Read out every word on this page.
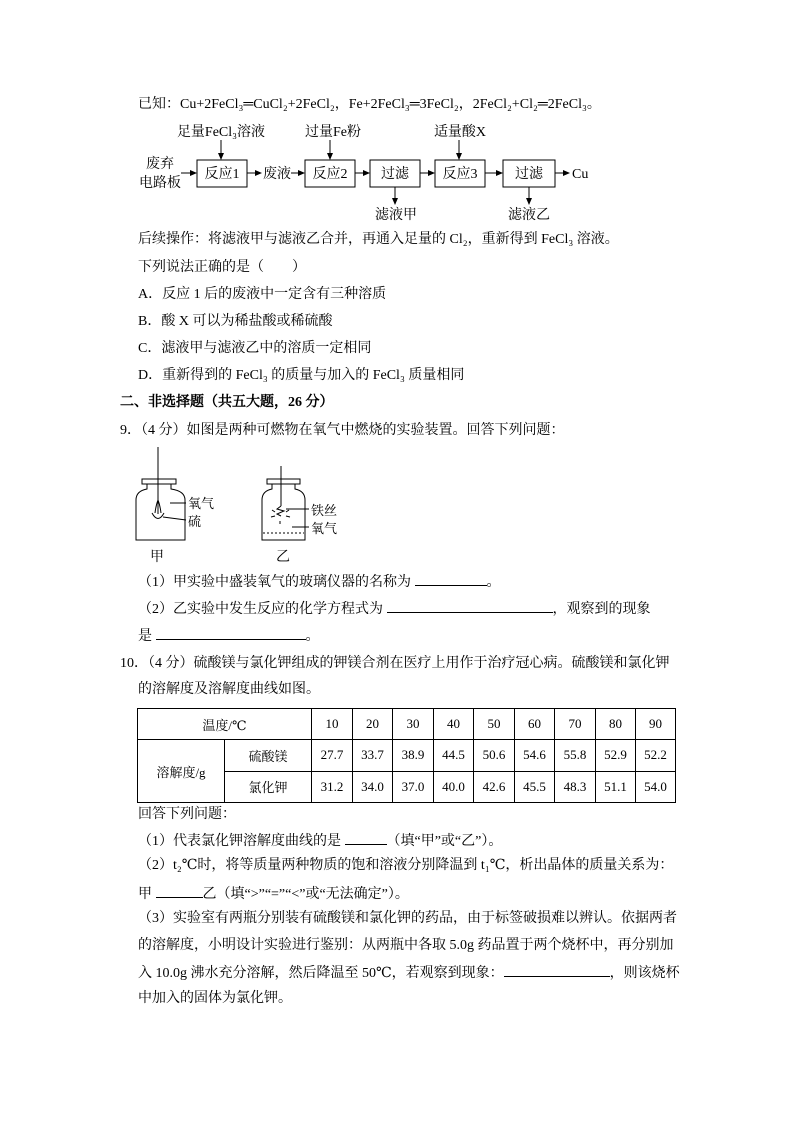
已知：Cu+2FeCl₃═CuCl₂+2FeCl₂，Fe+2FeCl₃═3FeCl₂，2FeCl₂+Cl₂═2FeCl₃。
足量FeCl₃溶液	过量Fe粉	适量酸X
废弃
电路板
反应1 废液 反应2 过滤
滤液甲
反应3	过滤
滤液乙
Cu
后续操作：将滤液甲与滤液乙合并，再通入足量的 Cl₂，重新得到 FeCl₃ 溶液。
下列说法正确的是（　　）
A．反应 1 后的废液中一定含有三种溶质
B．酸 X 可以为稀盐酸或稀硫酸
C．滤液甲与滤液乙中的溶质一定相同
D．重新得到的 FeCl₃ 的质量与加入的 FeCl₃ 质量相同
二、非选择题（共五大题，26 分）
9．（4 分）如图是两种可燃物在氧气中燃烧的实验装置。回答下列问题：
氧气
硫
甲
铁丝
氧气
乙
（1）甲实验中盛装氧气的玻璃仪器的名称为	。
（2）乙实验中发生反应的化学方程式为	，观察到的现象
是	。
10．（4 分）硫酸镁与氯化钾组成的钾镁合剂在医疗上用作于治疗冠心病。硫酸镁和氯化钾
的溶解度及溶解度曲线如图。
温度/℃		10	20	30	40	50	60	70	80	90
溶解度/g	硫酸镁	27.7	33.7	38.9	44.5	50.6	54.6	55.8	52.9	52.2
	氯化钾	31.2	34.0	37.0	40.0	42.6	45.5	48.3	51.1	54.0
回答下列问题：
（1）代表氯化钾溶解度曲线的是	（填“甲”或“乙”）。
（2）t₂℃时，将等质量两种物质的饱和溶液分别降温到 t₁℃，析出晶体的质量关系为：
甲	乙（填“>”“=”“<”或“无法确定”）。
（3）实验室有两瓶分别装有硫酸镁和氯化钾的药品，由于标签破损难以辨认。依据两者
的溶解度，小明设计实验进行鉴别：从两瓶中各取 5.0g 药品置于两个烧杯中，再分别加
入 10.0g 沸水充分溶解，然后降温至 50℃，若观察到现象：	，则该烧杯
中加入的固体为氯化钾。
